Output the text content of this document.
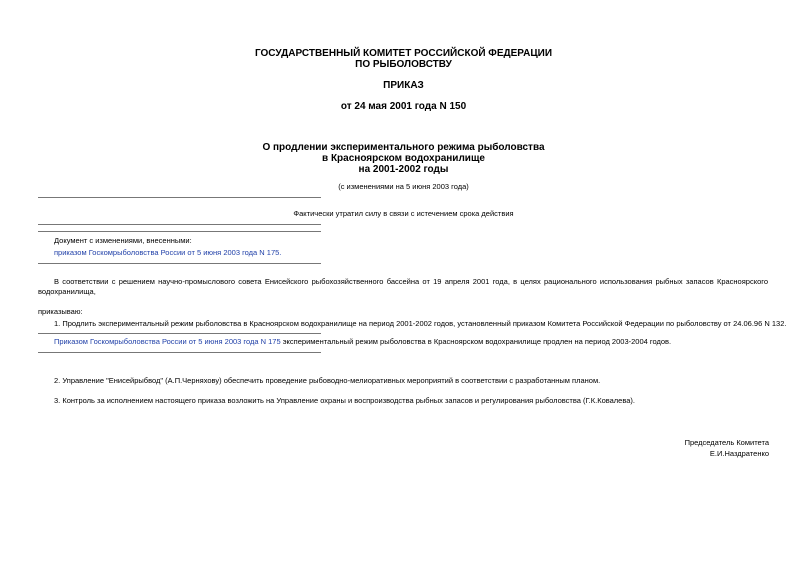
ГОСУДАРСТВЕННЫЙ КОМИТЕТ РОССИЙСКОЙ ФЕДЕРАЦИИ
ПО РЫБОЛОВСТВУ
ПРИКАЗ
от 24 мая 2001 года N 150
О продлении экспериментального режима рыболовства
в Красноярском водохранилище
на 2001-2002 годы
(с изменениями на 5 июня 2003 года)
Фактически утратил силу в связи с истечением срока действия
Документ с изменениями, внесенными:
приказом Госкомрыболовства России от 5 июня 2003 года N 175.
В соответствии с решением научно-промыслового совета Енисейского рыбохозяйственного бассейна от 19 апреля 2001 года, в целях рационального использования рыбных запасов Красноярского водохранилища,
приказываю:
1. Продлить экспериментальный режим рыболовства в Красноярском водохранилище на период 2001-2002 годов, установленный приказом Комитета Российской Федерации по рыболовству от 24.06.96 N 132.
Приказом Госкомрыболовства России от 5 июня 2003 года N 175 экспериментальный режим рыболовства в Красноярском водохранилище продлен на период 2003-2004 годов.
2. Управление "Енисейрыбвод" (А.П.Черняхову) обеспечить проведение рыбоводно-мелиоративных мероприятий в соответствии с разработанным планом.
3. Контроль за исполнением настоящего приказа возложить на Управление охраны и воспроизводства рыбных запасов и регулирования рыболовства (Г.К.Ковалева).
Председатель Комитета
Е.И.Наздратенко
